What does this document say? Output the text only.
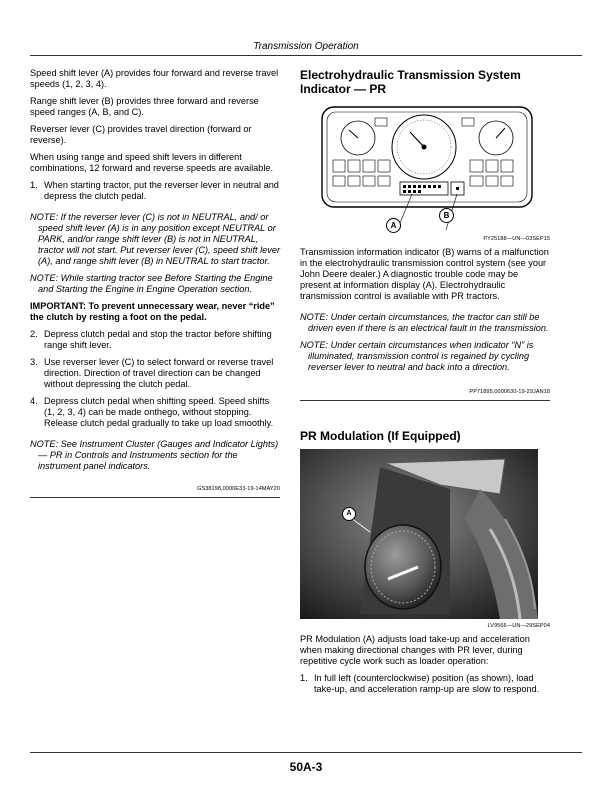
Transmission Operation

Speed shift lever (A) provides four forward and reverse travel speeds (1, 2, 3, 4).

Range shift lever (B) provides three forward and reverse speed ranges (A, B, and C).

Reverser lever (C) provides travel direction (forward or reverse).

When using range and speed shift levers in different combinations, 12 forward and reverse speeds are available.

1. When starting tractor, put the reverser lever in neutral and depress the clutch pedal.

NOTE: If the reverser lever (C) is not in NEUTRAL, and/ or speed shift lever (A) is in any position except NEUTRAL or PARK, and/or range shift lever (B) is not in NEUTRAL, tractor will not start. Put reverser lever (C), speed shift lever (A), and range shift lever (B) in NEUTRAL to start tractor.

NOTE: While starting tractor see Before Starting the Engine and Starting the Engine in Engine Operation section.

IMPORTANT: To prevent unnecessary wear, never “ride” the clutch by resting a foot on the pedal.

2. Depress clutch pedal and stop the tractor before shifting range shift lever.
3. Use reverser lever (C) to select forward or reverse travel direction. Direction of travel direction can be changed without depressing the clutch pedal.
4. Depress clutch pedal when shifting speed. Speed shifts (1, 2, 3, 4) can be made onthego, without stopping. Release clutch pedal gradually to take up load smoothly.

NOTE: See Instrument Cluster (Gauges and Indicator Lights) — PR in Controls and Instruments section for the instrument panel indicators.

GS38198,0000E33-19-14MAY20
Electrohydraulic Transmission System Indicator — PR
A
B
PY25188—UN—03SEP15

Transmission information indicator (B) warns of a malfunction in the electrohydraulic transmission control system (see your John Deere dealer.) A diagnostic trouble code may be present at information display (A). Electrohydraulic transmission control is available with PR tractors.

NOTE: Under certain circumstances, the tractor can still be driven even if there is an electrical fault in the transmission.

NOTE: Under certain circumstances when indicator “N” is illuminated, transmission control is regained by cycling reverser lever to neutral and back into a direction.

PP71895,0000630-19-29JAN18
PR Modulation (If Equipped)
A
LV9566—UN—29SEP04

PR Modulation (A) adjusts load take-up and acceleration when making directional changes with PR lever, during repetitive cycle work such as loader operation:

1. In full left (counterclockwise) position (as shown), load take-up, and acceleration ramp-up are slow to respond.
50A-3
